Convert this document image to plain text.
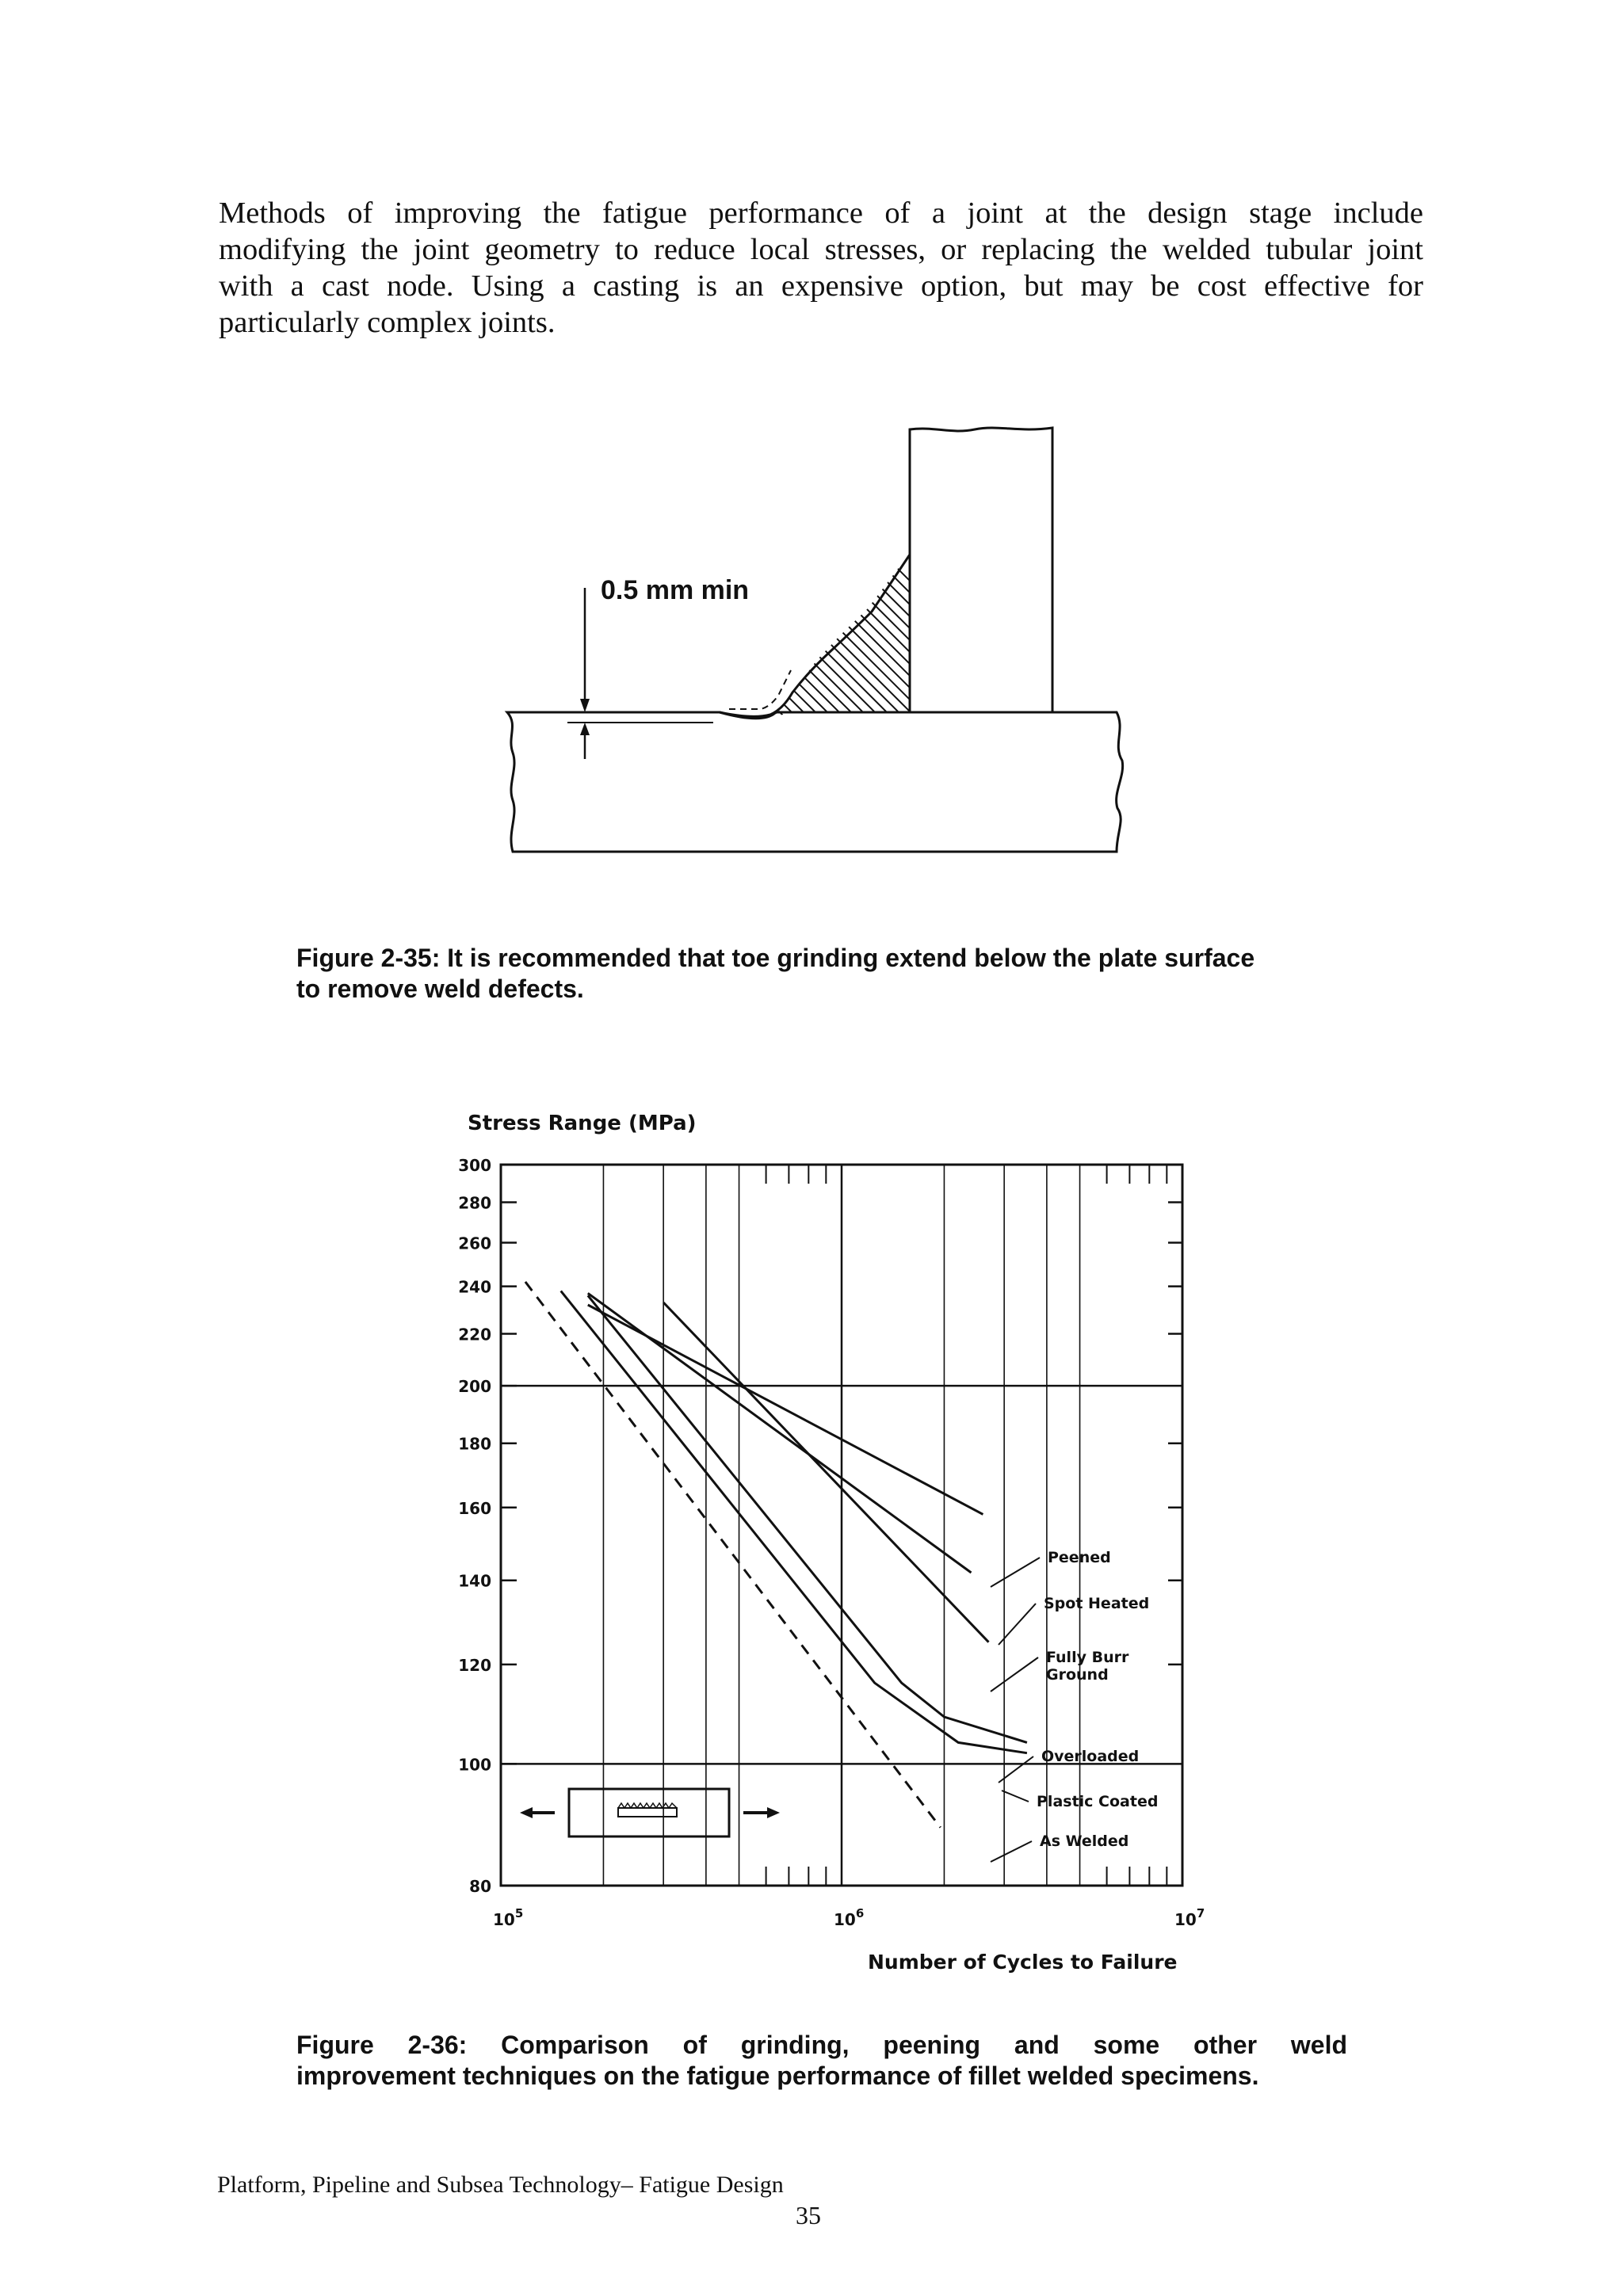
Methods of improving the fatigue performance of a joint at the design stage include
modifying the joint geometry to reduce local stresses, or replacing the welded tubular joint
with a cast node. Using a casting is an expensive option, but may be cost effective for
particularly complex joints.
0.5 mm min

Figure 2-35: It is recommended that toe grinding extend below the plate surface
to remove weld defects.

Stress Range (MPa)
Number of Cycles to Failure
300
280
260
240
220
200
180
160
140
120
100
80
$10^5$	$10^6$	$10^7$
Peened
Spot Heated
Fully Burr Ground
Overloaded
Plastic Coated
As Welded

Figure 2-36: Comparison of grinding, peening and some other weld
improvement techniques on the fatigue performance of fillet welded specimens.

Platform, Pipeline and Subsea Technology– Fatigue Design

35
